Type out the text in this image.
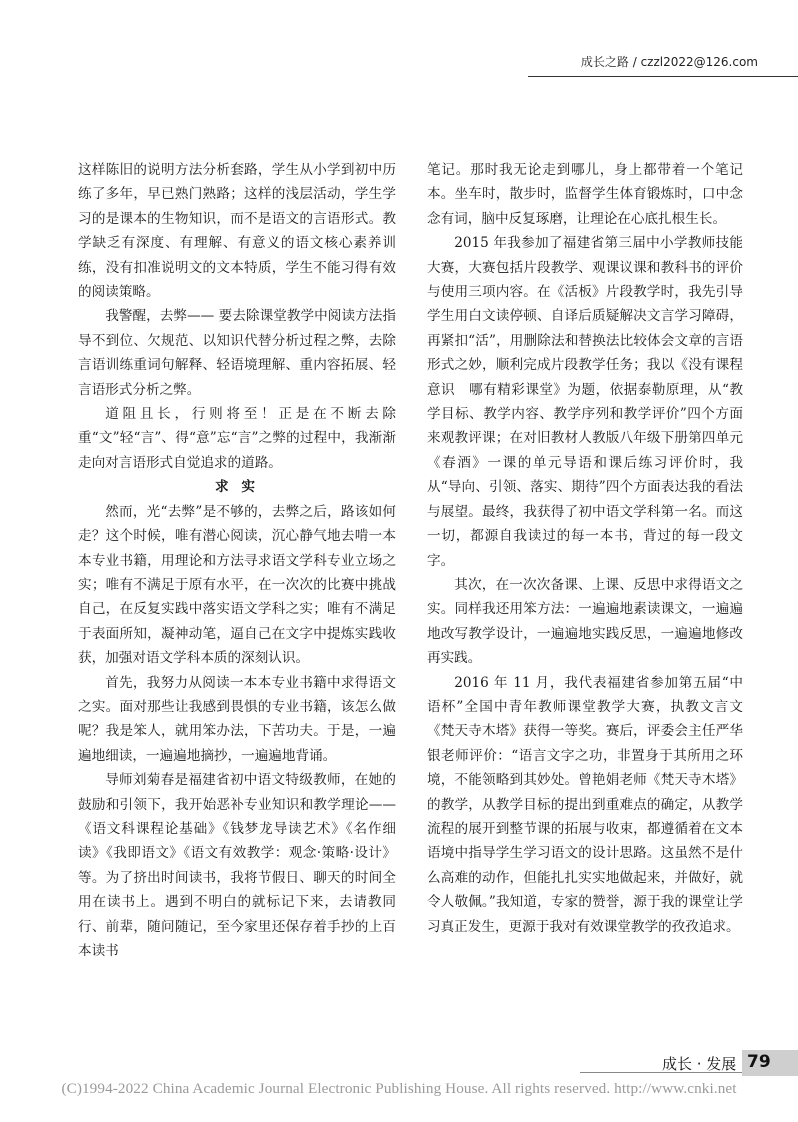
成长之路 / czzl2022@126.com

这样陈旧的说明方法分析套路，学生从小学到初中历练了多年，早已熟门熟路；这样的浅层活动，学生学习的是课本的生物知识，而不是语文的言语形式。教学缺乏有深度、有理解、有意义的语文核心素养训练，没有扣准说明文的文本特质，学生不能习得有效的阅读策略。

我警醒，去弊—— 要去除课堂教学中阅读方法指导不到位、欠规范、以知识代替分析过程之弊，去除言语训练重词句解释、轻语境理解、重内容拓展、轻言语形式分析之弊。

道阻且长，行则将至！正是在不断去除重“文”轻“言”、得“意”忘“言”之弊的过程中，我渐渐走向对言语形式自觉追求的道路。

求 实

然而，光“去弊”是不够的，去弊之后，路该如何走？这个时候，唯有潜心阅读，沉心静气地去啃一本本专业书籍，用理论和方法寻求语文学科专业立场之实；唯有不满足于原有水平，在一次次的比赛中挑战自己，在反复实践中落实语文学科之实；唯有不满足于表面所知，凝神动笔，逼自己在文字中提炼实践收获，加强对语文学科本质的深刻认识。

首先，我努力从阅读一本本专业书籍中求得语文之实。面对那些让我感到畏惧的专业书籍，该怎么做呢？我是笨人，就用笨办法，下苦功夫。于是，一遍遍地细读，一遍遍地摘抄，一遍遍地背诵。

导师刘菊春是福建省初中语文特级教师，在她的鼓励和引领下，我开始恶补专业知识和教学理论——《语文科课程论基础》《钱梦龙导读艺术》《名作细读》《我即语文》《语文有效教学：观念·策略·设计》等。为了挤出时间读书，我将节假日、聊天的时间全用在读书上。遇到不明白的就标记下来，去请教同行、前辈，随问随记，至今家里还保存着手抄的上百本读书

笔记。那时我无论走到哪儿，身上都带着一个笔记本。坐车时，散步时，监督学生体育锻炼时，口中念念有词，脑中反复琢磨，让理论在心底扎根生长。

2015 年我参加了福建省第三届中小学教师技能大赛，大赛包括片段教学、观课议课和教科书的评价与使用三项内容。在《活板》片段教学时，我先引导学生用白文读停顿、自译后质疑解决文言学习障碍，再紧扣“活”，用删除法和替换法比较体会文章的言语形式之妙，顺利完成片段教学任务；我以《没有课程意识　哪有精彩课堂》为题，依据泰勒原理，从“教学目标、教学内容、教学序列和教学评价”四个方面来观教评课；在对旧教材人教版八年级下册第四单元《春酒》一课的单元导语和课后练习评价时，我从“导向、引领、落实、期待”四个方面表达我的看法与展望。最终，我获得了初中语文学科第一名。而这一切，都源自我读过的每一本书，背过的每一段文字。

其次，在一次次备课、上课、反思中求得语文之实。同样我还用笨方法：一遍遍地素读课文，一遍遍地改写教学设计，一遍遍地实践反思，一遍遍地修改再实践。

2016 年 11 月，我代表福建省参加第五届“中语杯”全国中青年教师课堂教学大赛，执教文言文《梵天寺木塔》获得一等奖。赛后，评委会主任严华银老师评价：“语言文字之功，非置身于其所用之环境，不能领略到其妙处。曾艳娟老师《梵天寺木塔》的教学，从教学目标的提出到重难点的确定，从教学流程的展开到整节课的拓展与收束，都遵循着在文本语境中指导学生学习语文的设计思路。这虽然不是什么高难的动作，但能扎扎实实地做起来，并做好，就令人敬佩。”我知道，专家的赞誉，源于我的课堂让学习真正发生，更源于我对有效课堂教学的孜孜追求。

成长 · 发展 79
(C)1994-2022 China Academic Journal Electronic Publishing House. All rights reserved. http://www.cnki.net
